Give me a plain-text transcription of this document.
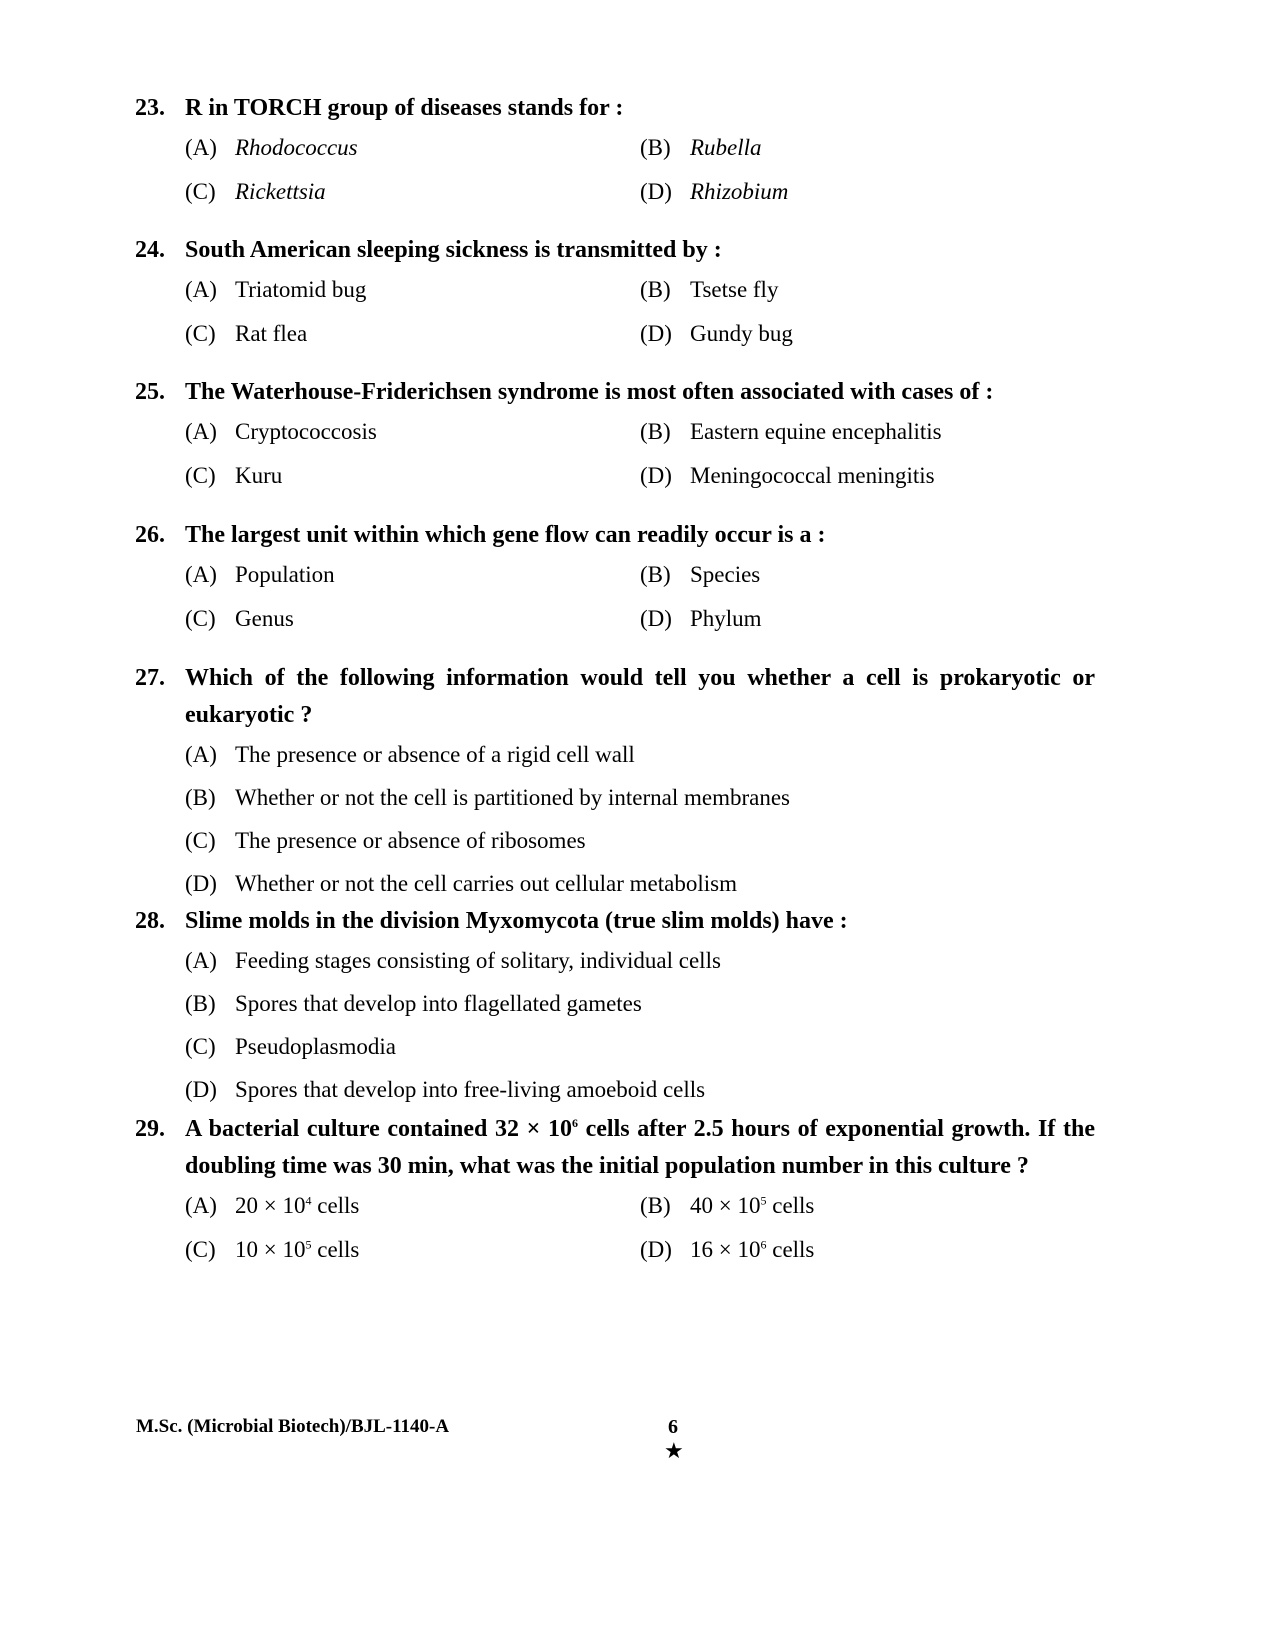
23. R in TORCH group of diseases stands for :
(A) Rhodococcus	(B) Rubella
(C) Rickettsia	(D) Rhizobium
24. South American sleeping sickness is transmitted by :
(A) Triatomid bug	(B) Tsetse fly
(C) Rat flea	(D) Gundy bug
25. The Waterhouse-Friderichsen syndrome is most often associated with cases of :
(A) Cryptococcosis	(B) Eastern equine encephalitis
(C) Kuru	(D) Meningococcal meningitis
26. The largest unit within which gene flow can readily occur is a :
(A) Population	(B) Species
(C) Genus	(D) Phylum
27. Which of the following information would tell you whether a cell is prokaryotic or eukaryotic ?
(A) The presence or absence of a rigid cell wall
(B) Whether or not the cell is partitioned by internal membranes
(C) The presence or absence of ribosomes
(D) Whether or not the cell carries out cellular metabolism
28. Slime molds in the division Myxomycota (true slim molds) have :
(A) Feeding stages consisting of solitary, individual cells
(B) Spores that develop into flagellated gametes
(C) Pseudoplasmodia
(D) Spores that develop into free-living amoeboid cells
29. A bacterial culture contained $32 \times 10^6$ cells after 2.5 hours of exponential growth. If the doubling time was 30 min, what was the initial population number in this culture ?
(A) $20 \times 10^4$ cells	(B) $40 \times 10^5$ cells
(C) $10 \times 10^5$ cells	(D) $16 \times 10^6$ cells
M.Sc. (Microbial Biotech)/BJL-1140-A	6
★
